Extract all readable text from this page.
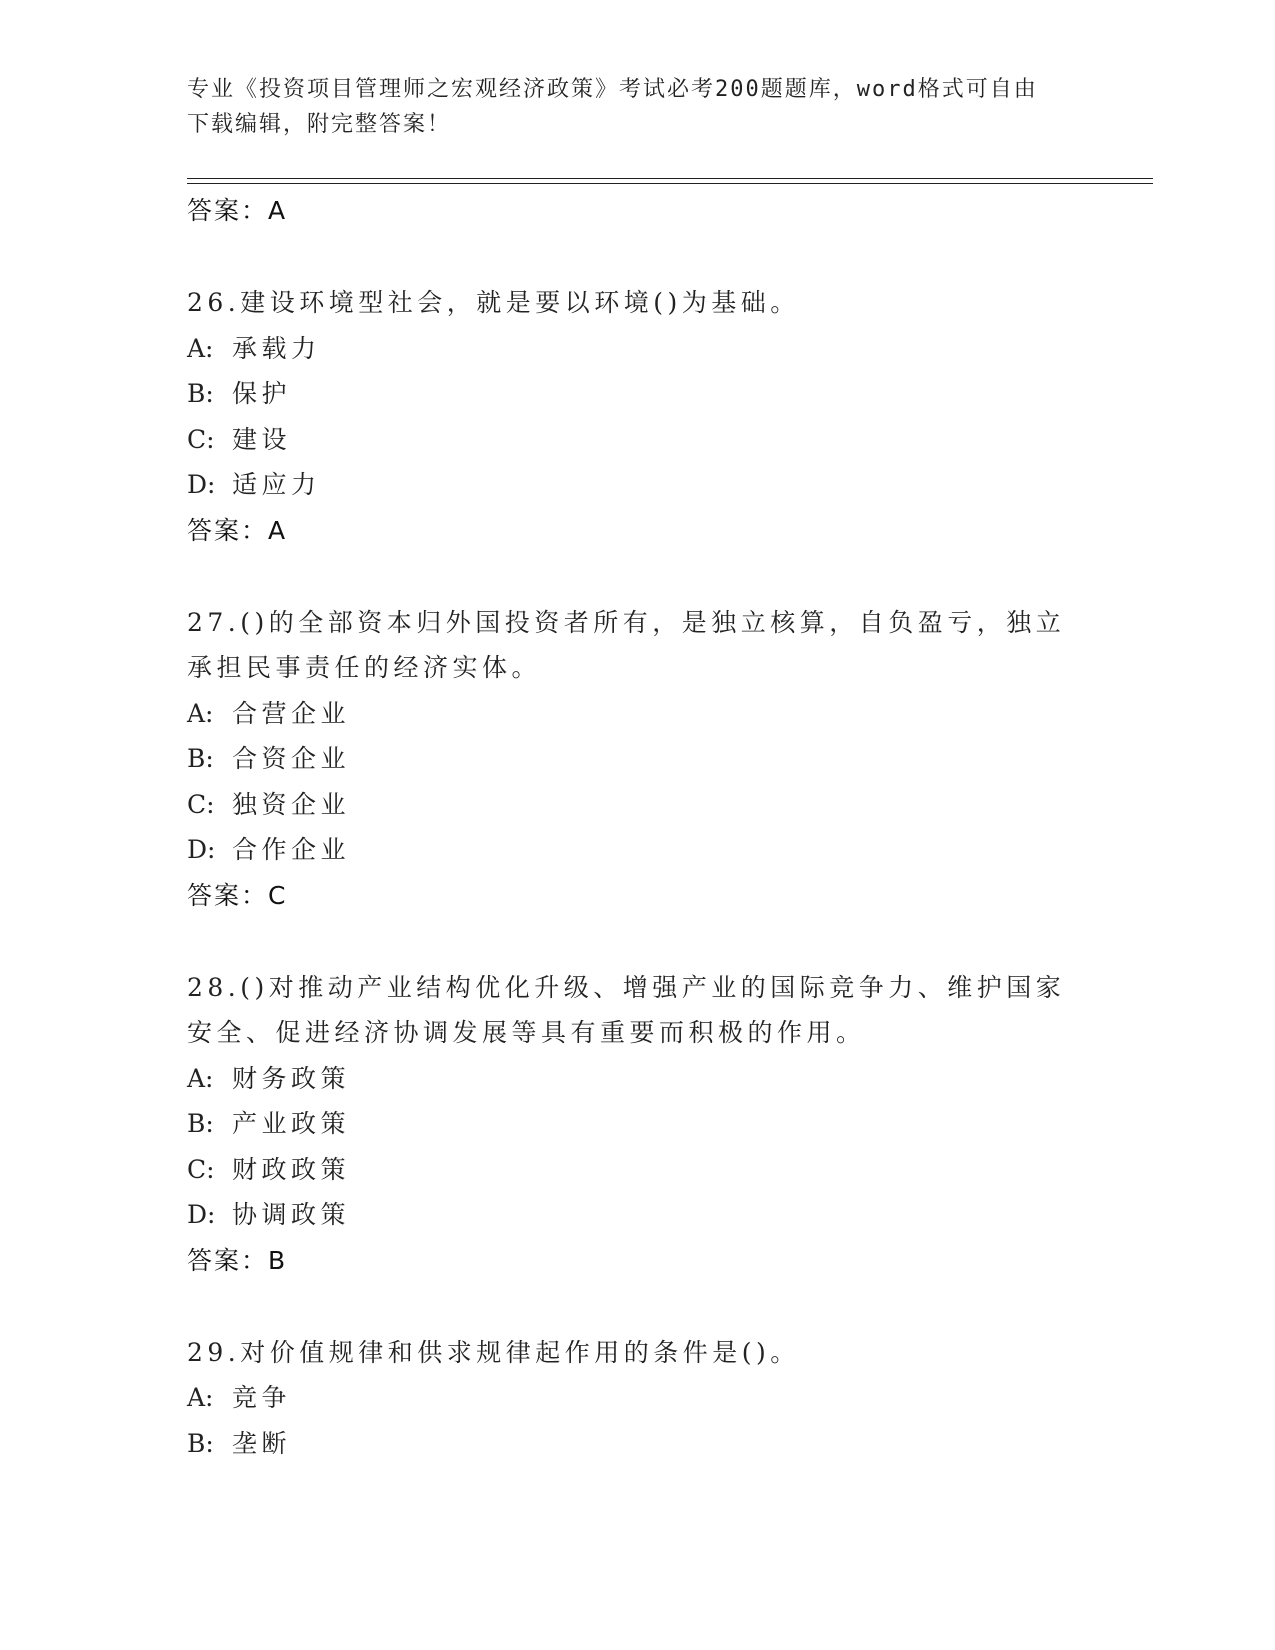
专业《投资项目管理师之宏观经济政策》考试必考200题题库，word格式可自由
下载编辑，附完整答案！
答案：A
26.建设环境型社会，就是要以环境()为基础。
A: 承载力
B: 保护
C: 建设
D: 适应力
答案：A
27.()的全部资本归外国投资者所有，是独立核算，自负盈亏，独立承担民事责任的经济实体。
A: 合营企业
B: 合资企业
C: 独资企业
D: 合作企业
答案：C
28.()对推动产业结构优化升级、增强产业的国际竞争力、维护国家安全、促进经济协调发展等具有重要而积极的作用。
A: 财务政策
B: 产业政策
C: 财政政策
D: 协调政策
答案：B
29.对价值规律和供求规律起作用的条件是()。
A: 竞争
B: 垄断
